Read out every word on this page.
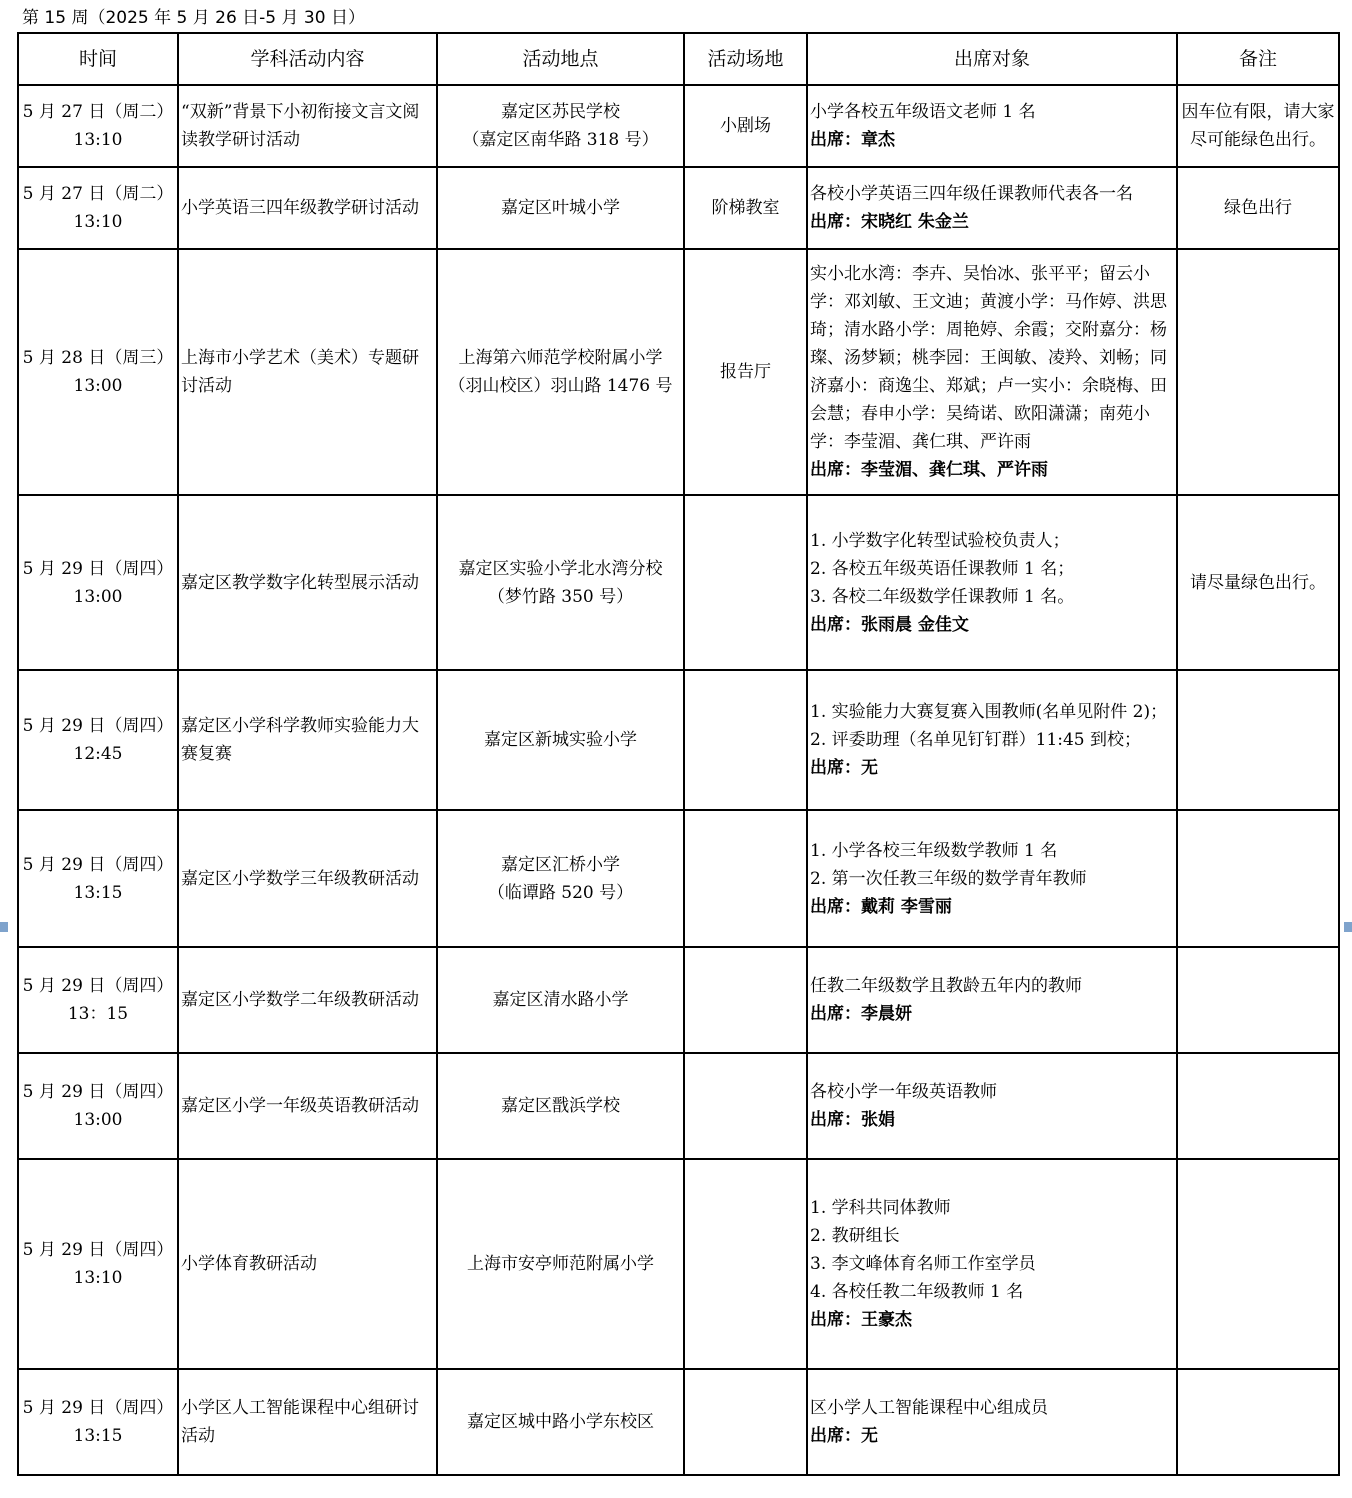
第 15 周（2025 年 5 月 26 日-5 月 30 日）
时间	学科活动内容	活动地点	活动场地	出席对象	备注

5 月 27 日（周二）
13:10	“双新”背景下小初衔接文言文阅读教学研讨活动	嘉定区苏民学校
（嘉定区南华路 318 号）	小剧场	小学各校五年级语文老师 1 名
出席：章杰	因车位有限，请大家尽可能绿色出行。

5 月 27 日（周二）
13:10	小学英语三四年级教学研讨活动	嘉定区叶城小学	阶梯教室	各校小学英语三四年级任课教师代表各一名
出席：宋晓红 朱金兰	绿色出行

5 月 28 日（周三）
13:00	上海市小学艺术（美术）专题研讨活动	上海第六师范学校附属小学
（羽山校区）羽山路 1476 号	报告厅	实小北水湾：李卉、吴怡冰、张平平；留云小学：邓刘敏、王文迪；黄渡小学：马作婷、洪思琦；清水路小学：周艳婷、余霞；交附嘉分：杨璨、汤梦颖；桃李园：王闽敏、凌羚、刘畅；同济嘉小：商逸尘、郑斌；卢一实小：余晓梅、田会慧；春申小学：吴绮诺、欧阳潇潇；南苑小学：李莹湄、龚仁琪、严许雨
出席：李莹湄、龚仁琪、严许雨	

5 月 29 日（周四）
13:00	嘉定区教学数字化转型展示活动	嘉定区实验小学北水湾分校
（梦竹路 350 号）		1. 小学数字化转型试验校负责人；
2. 各校五年级英语任课教师 1 名；
3. 各校二年级数学任课教师 1 名。
出席：张雨晨 金佳文	请尽量绿色出行。

5 月 29 日（周四）
12:45	嘉定区小学科学教师实验能力大赛复赛	嘉定区新城实验小学		1. 实验能力大赛复赛入围教师(名单见附件 2)；
2. 评委助理（名单见钉钉群）11:45 到校；
出席：无	

5 月 29 日（周四）
13:15	嘉定区小学数学三年级教研活动	嘉定区汇桥小学
（临谭路 520 号）		1. 小学各校三年级数学教师 1 名
2. 第一次任教三年级的数学青年教师
出席：戴莉 李雪丽	

5 月 29 日（周四）
13：15	嘉定区小学数学二年级教研活动	嘉定区清水路小学		任教二年级数学且教龄五年内的教师
出席：李晨妍	

5 月 29 日（周四）
13:00	嘉定区小学一年级英语教研活动	嘉定区戬浜学校		各校小学一年级英语教师
出席：张娟	

5 月 29 日（周四）
13:10	小学体育教研活动	上海市安亭师范附属小学		1. 学科共同体教师
2. 教研组长
3. 李文峰体育名师工作室学员
4. 各校任教二年级教师 1 名
出席：王豪杰	

5 月 29 日（周四）
13:15	小学区人工智能课程中心组研讨活动	嘉定区城中路小学东校区		区小学人工智能课程中心组成员
出席：无	
